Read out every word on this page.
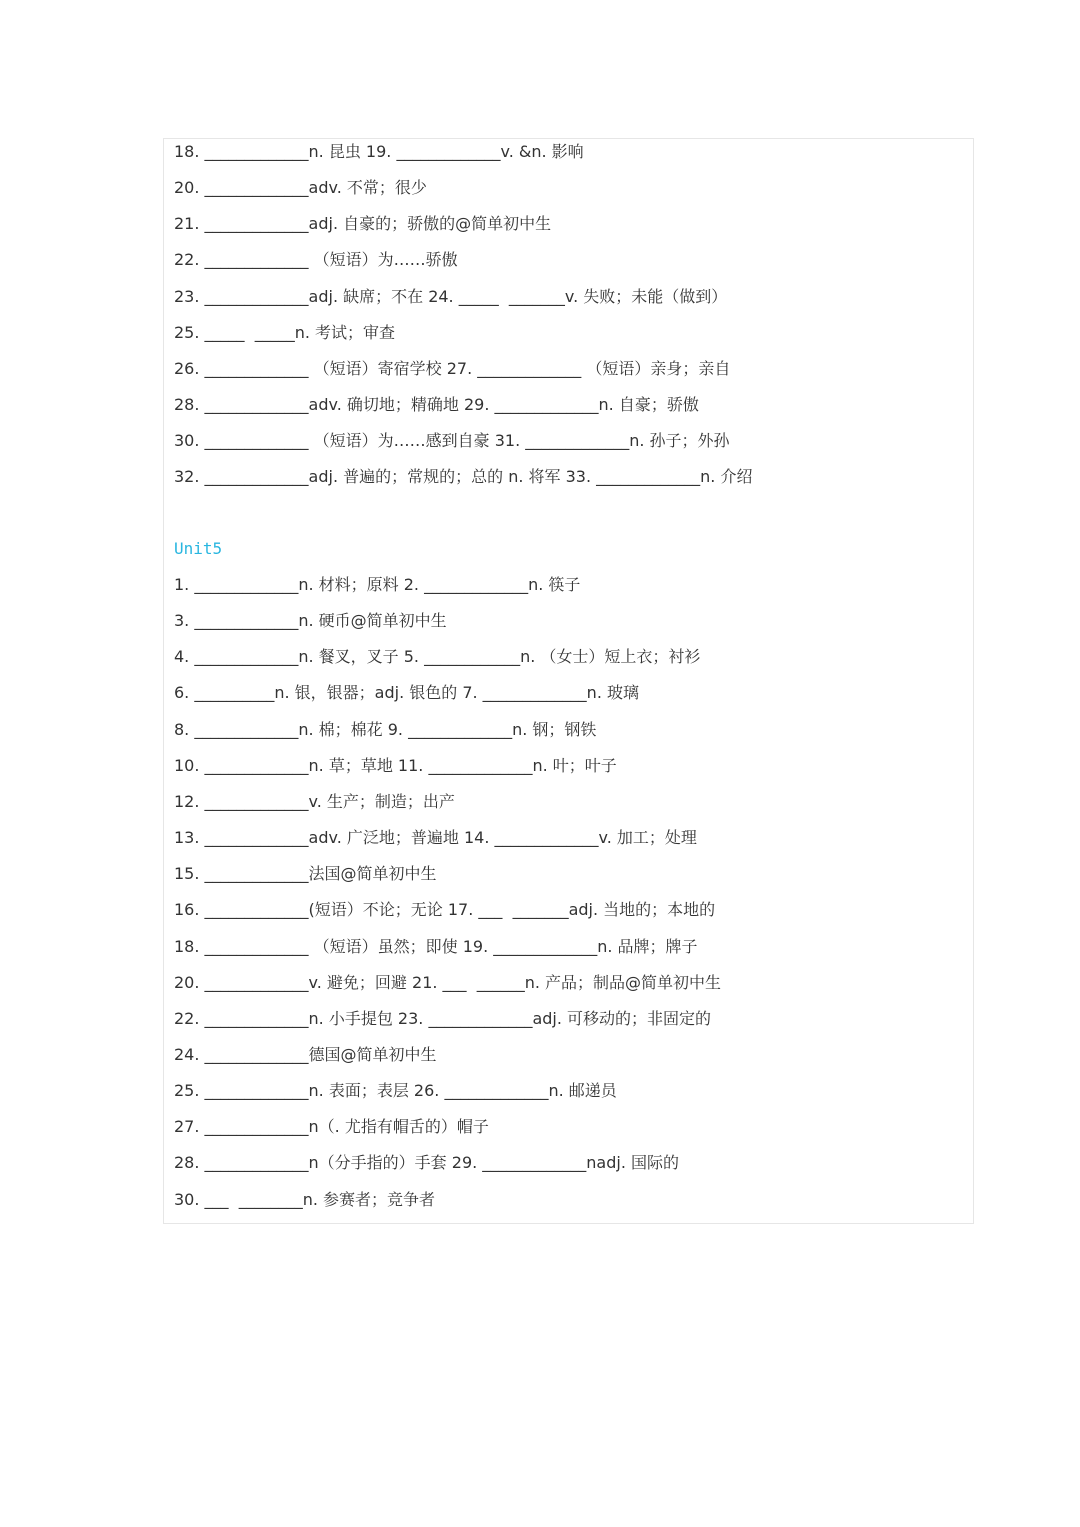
18. _____________n. 昆虫 19. _____________v. &n. 影响
20. _____________adv. 不常；很少
21. _____________adj. 自豪的；骄傲的@简单初中生
22. _____________ （短语）为……骄傲
23. _____________adj. 缺席；不在 24. _____  _______v. 失败；未能（做到）
25. _____  _____n. 考试；审查
26. _____________ （短语）寄宿学校 27. _____________ （短语）亲身；亲自
28. _____________adv. 确切地；精确地 29. _____________n. 自豪；骄傲
30. _____________ （短语）为……感到自豪 31. _____________n. 孙子；外孙
32. _____________adj. 普遍的；常规的；总的 n. 将军 33. _____________n. 介绍
Unit5
1. _____________n. 材料；原料 2. _____________n. 筷子
3. _____________n. 硬币@简单初中生
4. _____________n. 餐叉，叉子 5. ____________n. （女士）短上衣；衬衫
6. __________n. 银，银器；adj. 银色的 7. _____________n. 玻璃
8. _____________n. 棉；棉花 9. _____________n. 钢；钢铁
10. _____________n. 草；草地 11. _____________n. 叶；叶子
12. _____________v. 生产；制造；出产
13. _____________adv. 广泛地；普遍地 14. _____________v. 加工；处理
15. _____________法国@简单初中生
16. _____________(短语）不论；无论 17. ___  _______adj. 当地的；本地的
18. _____________ （短语）虽然；即使 19. _____________n. 品牌；牌子
20. _____________v. 避免；回避 21. ___  ______n. 产品；制品@简单初中生
22. _____________n. 小手提包 23. _____________adj. 可移动的；非固定的
24. _____________德国@简单初中生
25. _____________n. 表面；表层 26. _____________n. 邮递员
27. _____________n（. 尤指有帽舌的）帽子
28. _____________n（分手指的）手套 29. _____________nadj. 国际的
30. ___  ________n. 参赛者；竞争者
